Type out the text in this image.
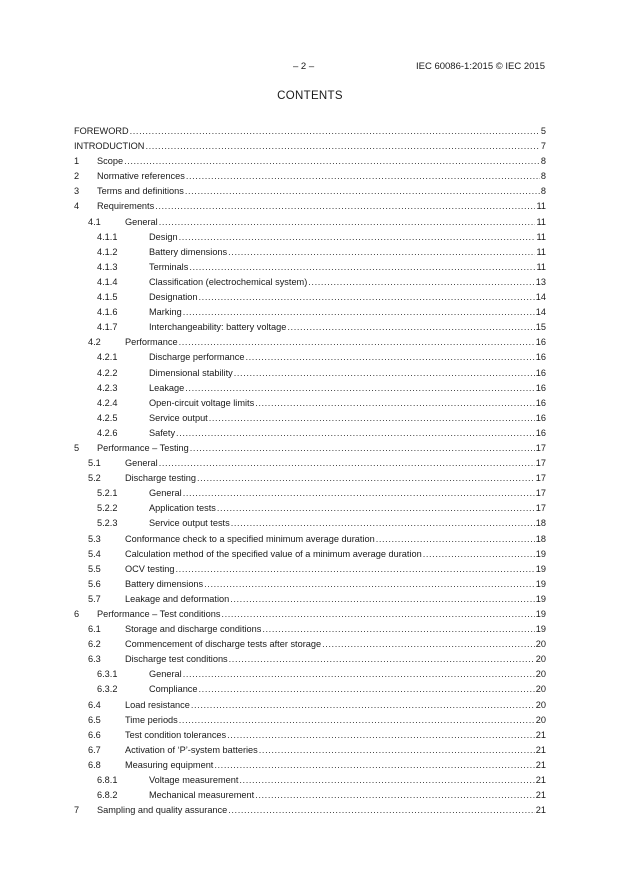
– 2 –	IEC 60086-1:2015 © IEC 2015
CONTENTS
FOREWORD .....	5
INTRODUCTION .....	7
1 Scope .....	8
2 Normative references .....	8
3 Terms and definitions .....	8
4 Requirements .....	11
4.1	General .....	11
4.1.1	Design .....	11
4.1.2	Battery dimensions .....	11
4.1.3	Terminals .....	11
4.1.4	Classification (electrochemical system) .....	13
4.1.5	Designation .....	14
4.1.6	Marking .....	14
4.1.7	Interchangeability: battery voltage .....	15
4.2	Performance .....	16
4.2.1	Discharge performance .....	16
4.2.2	Dimensional stability .....	16
4.2.3	Leakage .....	16
4.2.4	Open-circuit voltage limits .....	16
4.2.5	Service output .....	16
4.2.6	Safety .....	16
5 Performance – Testing .....	17
5.1	General .....	17
5.2	Discharge testing .....	17
5.2.1	General .....	17
5.2.2	Application tests .....	17
5.2.3	Service output tests .....	18
5.3	Conformance check to a specified minimum average duration .....	18
5.4	Calculation method of the specified value of a minimum average duration .....	19
5.5	OCV testing .....	19
5.6	Battery dimensions .....	19
5.7	Leakage and deformation .....	19
6 Performance – Test conditions .....	19
6.1	Storage and discharge conditions .....	19
6.2	Commencement of discharge tests after storage .....	20
6.3	Discharge test conditions .....	20
6.3.1	General .....	20
6.3.2	Compliance .....	20
6.4	Load resistance .....	20
6.5	Time periods .....	20
6.6	Test condition tolerances .....	21
6.7	Activation of ‘P’-system batteries .....	21
6.8	Measuring equipment .....	21
6.8.1	Voltage measurement .....	21
6.8.2	Mechanical measurement .....	21
7 Sampling and quality assurance .....	21
